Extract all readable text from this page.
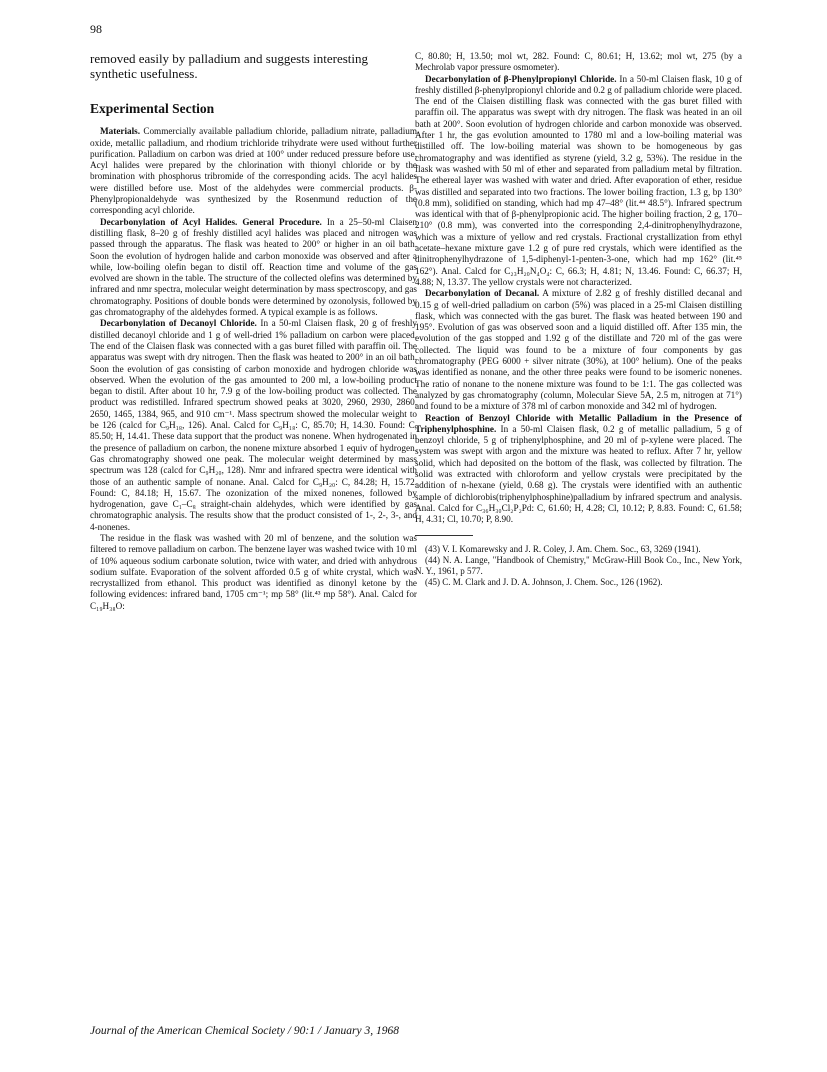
98

removed easily by palladium and suggests interesting synthetic usefulness.

Experimental Section

Materials. Commercially available palladium chloride, palladium nitrate, palladium oxide, metallic palladium, and rhodium trichloride trihydrate were used without further purification. Palladium on carbon was dried at 100° under reduced pressure before use. Acyl halides were prepared by the chlorination with thionyl chloride or by the bromination with phosphorus tribromide of the corresponding acids. The acyl halides were distilled before use. Most of the aldehydes were commercial products. β-Phenylpropionaldehyde was synthesized by the Rosenmund reduction of the corresponding acyl chloride.

Decarbonylation of Acyl Halides. General Procedure. In a 25–50-ml Claisen distilling flask, 8–20 g of freshly distilled acyl halides was placed and nitrogen was passed through the apparatus. The flask was heated to 200° or higher in an oil bath. Soon the evolution of hydrogen halide and carbon monoxide was observed and after a while, low-boiling olefin began to distil off. Reaction time and volume of the gas evolved are shown in the table. The structure of the collected olefins was determined by infrared and nmr spectra, molecular weight determination by mass spectroscopy, and gas chromatography. Positions of double bonds were determined by ozonolysis, followed by gas chromatography of the aldehydes formed. A typical example is as follows.

Decarbonylation of Decanoyl Chloride. In a 50-ml Claisen flask, 20 g of freshly distilled decanoyl chloride and 1 g of well-dried 1% palladium on carbon were placed. The end of the Claisen flask was connected with a gas buret filled with paraffin oil. The apparatus was swept with dry nitrogen. Then the flask was heated to 200° in an oil bath. Soon the evolution of gas consisting of carbon monoxide and hydrogen chloride was observed. When the evolution of the gas amounted to 200 ml, a low-boiling product began to distil. After about 10 hr, 7.9 g of the low-boiling product was collected. The product was redistilled. Infrared spectrum showed peaks at 3020, 2960, 2930, 2860, 2650, 1465, 1384, 965, and 910 cm⁻¹. Mass spectrum showed the molecular weight to be 126 (calcd for C₉H₁₈, 126). Anal. Calcd for C₉H₁₈: C, 85.70; H, 14.30. Found: C, 85.50; H, 14.41. These data support that the product was nonene. When hydrogenated in the presence of palladium on carbon, the nonene mixture absorbed 1 equiv of hydrogen. Gas chromatography showed one peak. The molecular weight determined by mass spectrum was 128 (calcd for C₉H₂₀, 128). Nmr and infrared spectra were identical with those of an authentic sample of nonane. Anal. Calcd for C₉H₂₀: C, 84.28; H, 15.72. Found: C, 84.18; H, 15.67. The ozonization of the mixed nonenes, followed by hydrogenation, gave C₁–C₈ straight-chain aldehydes, which were identified by gas chromatographic analysis. The results show that the product consisted of 1-, 2-, 3-, and 4-nonenes.

The residue in the flask was washed with 20 ml of benzene, and the solution was filtered to remove palladium on carbon. The benzene layer was washed twice with 10 ml of 10% aqueous sodium carbonate solution, twice with water, and dried with anhydrous sodium sulfate. Evaporation of the solvent afforded 0.5 g of white crystal, which was recrystallized from ethanol. This product was identified as dinonyl ketone by the following evidences: infrared band, 1705 cm⁻¹; mp 58° (lit.⁴³ mp 58°). Anal. Calcd for C₁₉H₃₈O:

C, 80.80; H, 13.50; mol wt, 282. Found: C, 80.61; H, 13.62; mol wt, 275 (by a Mechrolab vapor pressure osmometer).

Decarbonylation of β-Phenylpropionyl Chloride. In a 50-ml Claisen flask, 10 g of freshly distilled β-phenylpropionyl chloride and 0.2 g of palladium chloride were placed. The end of the Claisen distilling flask was connected with the gas buret filled with paraffin oil. The apparatus was swept with dry nitrogen. The flask was heated in an oil bath at 200°. Soon evolution of hydrogen chloride and carbon monoxide was observed. After 1 hr, the gas evolution amounted to 1780 ml and a low-boiling material was distilled off. The low-boiling material was shown to be homogeneous by gas chromatography and was identified as styrene (yield, 3.2 g, 53%). The residue in the flask was washed with 50 ml of ether and separated from palladium metal by filtration. The ethereal layer was washed with water and dried. After evaporation of ether, residue was distilled and separated into two fractions. The lower boiling fraction, 1.3 g, bp 130° (0.8 mm), solidified on standing, which had mp 47–48° (lit.⁴⁴ 48.5°). Infrared spectrum was identical with that of β-phenylpropionic acid. The higher boiling fraction, 2 g, 170–210° (0.8 mm), was converted into the corresponding 2,4-dinitrophenylhydrazone, which was a mixture of yellow and red crystals. Fractional crystallization from ethyl acetate–hexane mixture gave 1.2 g of pure red crystals, which were identified as the dinitrophenylhydrazone of 1,5-diphenyl-1-penten-3-one, which had mp 162° (lit.⁴⁵ 162°). Anal. Calcd for C₂₃H₂₀N₄O₄: C, 66.3; H, 4.81; N, 13.46. Found: C, 66.37; H, 4.88; N, 13.37. The yellow crystals were not characterized.

Decarbonylation of Decanal. A mixture of 2.82 g of freshly distilled decanal and 0.15 g of well-dried palladium on carbon (5%) was placed in a 25-ml Claisen distilling flask, which was connected with the gas buret. The flask was heated between 190 and 195°. Evolution of gas was observed soon and a liquid distilled off. After 135 min, the evolution of the gas stopped and 1.92 g of the distillate and 720 ml of the gas were collected. The liquid was found to be a mixture of four components by gas chromatography (PEG 6000 + silver nitrate (30%), at 100° helium). One of the peaks was identified as nonane, and the other three peaks were found to be isomeric nonenes. The ratio of nonane to the nonene mixture was found to be 1:1. The gas collected was analyzed by gas chromatography (column, Molecular Sieve 5A, 2.5 m, nitrogen at 71°) and found to be a mixture of 378 ml of carbon monoxide and 342 ml of hydrogen.

Reaction of Benzoyl Chloride with Metallic Palladium in the Presence of Triphenylphosphine. In a 50-ml Claisen flask, 0.2 g of metallic palladium, 5 g of benzoyl chloride, 5 g of triphenylphosphine, and 20 ml of p-xylene were placed. The system was swept with argon and the mixture was heated to reflux. After 7 hr, yellow solid, which had deposited on the bottom of the flask, was collected by filtration. The solid was extracted with chloroform and yellow crystals were precipitated by the addition of n-hexane (yield, 0.68 g). The crystals were identified with an authentic sample of dichlorobis(triphenylphosphine)palladium by infrared spectrum and analysis. Anal. Calcd for C₃₆H₃₀Cl₂P₂Pd: C, 61.60; H, 4.28; Cl, 10.12; P, 8.83. Found: C, 61.58; H, 4.31; Cl, 10.70; P, 8.90.

(43) V. I. Komarewsky and J. R. Coley, J. Am. Chem. Soc., 63, 3269 (1941).

(44) N. A. Lange, "Handbook of Chemistry," McGraw-Hill Book Co., Inc., New York, N. Y., 1961, p 577.

(45) C. M. Clark and J. D. A. Johnson, J. Chem. Soc., 126 (1962).

Journal of the American Chemical Society / 90:1 / January 3, 1968
